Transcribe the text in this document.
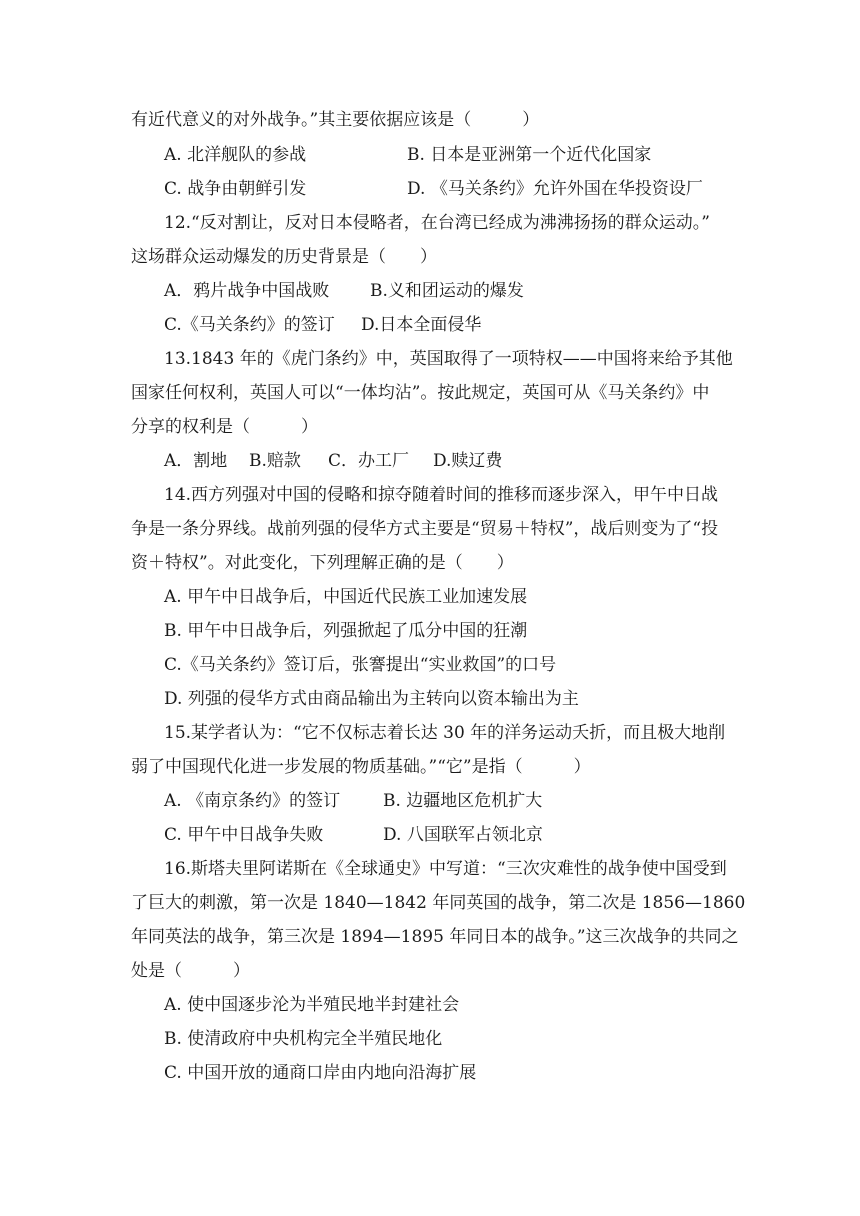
有近代意义的对外战争。”其主要依据应该是（　　　）
A. 北洋舰队的参战	B. 日本是亚洲第一个近代化国家
C. 战争由朝鲜引发	D. 《马关条约》允许外国在华投资设厂
12.“反对割让，反对日本侵略者，在台湾已经成为沸沸扬扬的群众运动。”
这场群众运动爆发的历史背景是（　　）
A．鸦片战争中国战败 B.义和团运动的爆发
C.《马关条约》的签订 D.日本全面侵华
13.1843 年的《虎门条约》中，英国取得了一项特权——中国将来给予其他
国家任何权利，英国人可以“一体均沾”。按此规定，英国可从《马关条约》中
分享的权利是（　　　）
A．割地 B.赔款 C．办工厂 D.赎辽费
14.西方列强对中国的侵略和掠夺随着时间的推移而逐步深入，甲午中日战
争是一条分界线。战前列强的侵华方式主要是“贸易＋特权”，战后则变为了“投
资＋特权”。对此变化，下列理解正确的是（　　）
A. 甲午中日战争后，中国近代民族工业加速发展
B. 甲午中日战争后，列强掀起了瓜分中国的狂潮
C.《马关条约》签订后，张謇提出“实业救国”的口号
D. 列强的侵华方式由商品输出为主转向以资本输出为主
15.某学者认为：“它不仅标志着长达 30 年的洋务运动夭折，而且极大地削
弱了中国现代化进一步发展的物质基础。”“它”是指（　　　）
A. 《南京条约》的签订	B. 边疆地区危机扩大
C. 甲午中日战争失败	D. 八国联军占领北京
16.斯塔夫里阿诺斯在《全球通史》中写道：“三次灾难性的战争使中国受到
了巨大的刺激，第一次是 1840—1842 年同英国的战争，第二次是 1856—1860
年同英法的战争，第三次是 1894—1895 年同日本的战争。”这三次战争的共同之
处是（　　　）
A. 使中国逐步沦为半殖民地半封建社会
B. 使清政府中央机构完全半殖民地化
C. 中国开放的通商口岸由内地向沿海扩展
